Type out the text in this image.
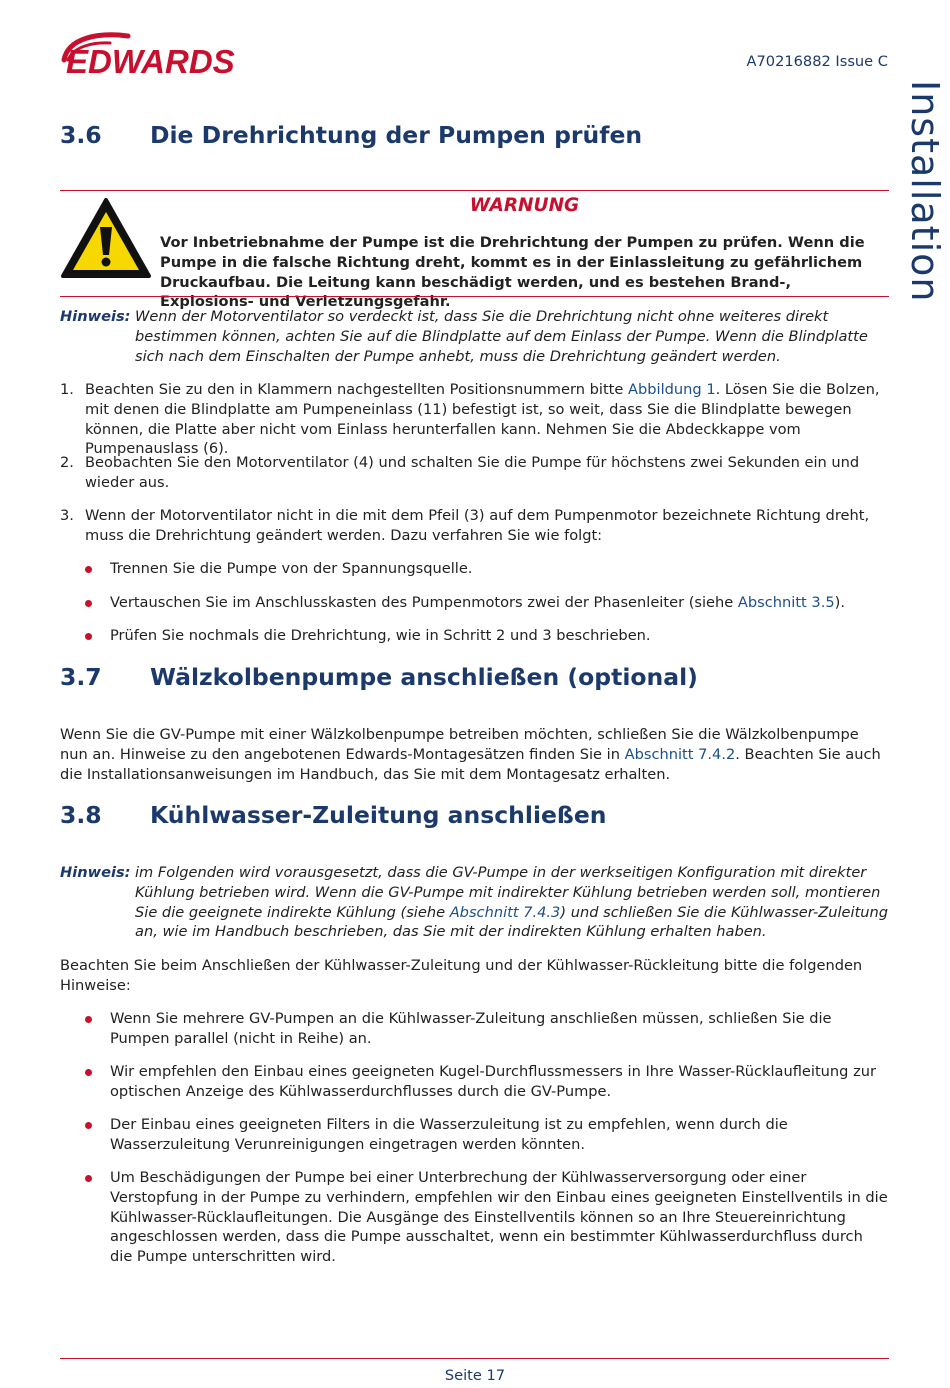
EDWARDS	A70216882 Issue C
Installation
3.6 Die Drehrichtung der Pumpen prüfen
WARNUNG
Vor Inbetriebnahme der Pumpe ist die Drehrichtung der Pumpen zu prüfen. Wenn die Pumpe in die falsche Richtung dreht, kommt es in der Einlassleitung zu gefährlichem Druckaufbau. Die Leitung kann beschädigt werden, und es bestehen Brand-, Explosions- und Verletzungsgefahr.
Hinweis: Wenn der Motorventilator so verdeckt ist, dass Sie die Drehrichtung nicht ohne weiteres direkt bestimmen können, achten Sie auf die Blindplatte auf dem Einlass der Pumpe. Wenn die Blindplatte sich nach dem Einschalten der Pumpe anhebt, muss die Drehrichtung geändert werden.
1. Beachten Sie zu den in Klammern nachgestellten Positionsnummern bitte Abbildung 1. Lösen Sie die Bolzen, mit denen die Blindplatte am Pumpeneinlass (11) befestigt ist, so weit, dass Sie die Blindplatte bewegen können, die Platte aber nicht vom Einlass herunterfallen kann. Nehmen Sie die Abdeckkappe vom Pumpenauslass (6).
2. Beobachten Sie den Motorventilator (4) und schalten Sie die Pumpe für höchstens zwei Sekunden ein und wieder aus.
3. Wenn der Motorventilator nicht in die mit dem Pfeil (3) auf dem Pumpenmotor bezeichnete Richtung dreht, muss die Drehrichtung geändert werden. Dazu verfahren Sie wie folgt:
Trennen Sie die Pumpe von der Spannungsquelle.
Vertauschen Sie im Anschlusskasten des Pumpenmotors zwei der Phasenleiter (siehe Abschnitt 3.5).
Prüfen Sie nochmals die Drehrichtung, wie in Schritt 2 und 3 beschrieben.
3.7 Wälzkolbenpumpe anschließen (optional)
Wenn Sie die GV-Pumpe mit einer Wälzkolbenpumpe betreiben möchten, schließen Sie die Wälzkolbenpumpe nun an. Hinweise zu den angebotenen Edwards-Montagesätzen finden Sie in Abschnitt 7.4.2. Beachten Sie auch die Installationsanweisungen im Handbuch, das Sie mit dem Montagesatz erhalten.
3.8 Kühlwasser-Zuleitung anschließen
Hinweis: im Folgenden wird vorausgesetzt, dass die GV-Pumpe in der werkseitigen Konfiguration mit direkter Kühlung betrieben wird. Wenn die GV-Pumpe mit indirekter Kühlung betrieben werden soll, montieren Sie die geeignete indirekte Kühlung (siehe Abschnitt 7.4.3) und schließen Sie die Kühlwasser-Zuleitung an, wie im Handbuch beschrieben, das Sie mit der indirekten Kühlung erhalten haben.
Beachten Sie beim Anschließen der Kühlwasser-Zuleitung und der Kühlwasser-Rückleitung bitte die folgenden Hinweise:
Wenn Sie mehrere GV-Pumpen an die Kühlwasser-Zuleitung anschließen müssen, schließen Sie die Pumpen parallel (nicht in Reihe) an.
Wir empfehlen den Einbau eines geeigneten Kugel-Durchflussmessers in Ihre Wasser-Rücklaufleitung zur optischen Anzeige des Kühlwasserdurchflusses durch die GV-Pumpe.
Der Einbau eines geeigneten Filters in die Wasserzuleitung ist zu empfehlen, wenn durch die Wasserzuleitung Verunreinigungen eingetragen werden könnten.
Um Beschädigungen der Pumpe bei einer Unterbrechung der Kühlwasserversorgung oder einer Verstopfung in der Pumpe zu verhindern, empfehlen wir den Einbau eines geeigneten Einstellventils in die Kühlwasser-Rücklaufleitungen. Die Ausgänge des Einstellventils können so an Ihre Steuereinrichtung angeschlossen werden, dass die Pumpe ausschaltet, wenn ein bestimmter Kühlwasserdurchfluss durch die Pumpe unterschritten wird.
Seite 17
